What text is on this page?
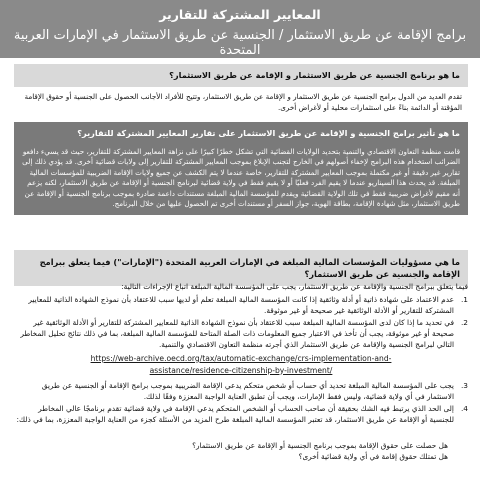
المعايير المشتركة للتقارير
برامج الإقامة عن طريق الاستثمار / الجنسية عن طريق الاستثمار في الإمارات العربية المتحدة
ما هو برنامج الجنسية عن طريق الاستثمار و الإقامة عن طريق الاستثمار؟
تقدم العديد من الدول برامج الجنسية عن طريق الاستثمار و الإقامة عن طريق الاستثمار، وتتيح للأفراد الأجانب الحصول على الجنسية أو حقوق الإقامة المؤقتة أو الدائمة بناءً على استثمارات محلية أو لأغراض أخرى.
ما هو تأثير برامج الجنسية و الإقامة عن طريق الاستثمار على تقارير المعايير المشتركة للتقارير؟
قامت منظمة التعاون الاقتصادي والتنمية بتحديد الولايات القضائية التي تشكل خطرًا كبيرًا على نزاهة المعايير المشتركة للتقارير، حيث قد يسيء دافعو الضرائب استخدام هذه البرامج لإخفاء أصولهم في الخارج لتجنب الإبلاغ بموجب المعايير المشتركة للتقارير إلى ولايات قضائية أخرى. قد يؤدي ذلك إلى تقارير غير دقيقة أو غير مكتملة بموجب المعايير المشتركة للتقارير، خاصة عندما لا يتم الكشف عن جميع ولايات الإقامة الضريبية للمؤسسات المالية المبلغة. قد يحدث هذا السيناريو عندما لا يقيم الفرد فعليًا أو لا يقيم فقط في ولاية قضائية لبرنامج الجنسية أو الإقامة عن طريق الاستثمار، لكنه يزعم أنه مقيم لأغراض ضريبية فقط في تلك الولاية القضائية ويقدم للمؤسسة المالية المبلغة مستندات داعمة صادرة بموجب برنامج الجنسية أو الإقامة عن طريق الاستثمار، مثل شهادة الإقامة، بطاقة الهوية، جواز السفر أو مستندات أخرى تم الحصول عليها من خلال البرنامج.
ما هي مسؤوليات المؤسسات المالية المبلغة في الإمارات العربية المتحدة ("الإمارات") فيما يتعلق ببرامج الإقامة والجنسية عن طريق الاستثمار؟
فيما يتعلق ببرامج الجنسية والإقامة عن طريق الاستثمار، يجب على المؤسسة المالية المبلغة اتباع الإجراءات التالية:
1.
عدم الاعتماد على شهادة ذاتية أو أدلة وثائقية إذا كانت المؤسسة المالية المبلغة تعلم أو لديها سبب للاعتقاد بأن نموذج الشهادة الذاتية للمعايير المشتركة للتقارير أو الأدلة الوثائقية غير صحيحة أو غير موثوقة.
2.
في تحديد ما إذا كان لدى المؤسسة المالية المبلغة سبب للاعتقاد بأن نموذج الشهادة الذاتية للمعايير المشتركة للتقارير أو الأدلة الوثائقية غير صحيحة أو غير موثوقة، يجب أن تأخذ في الاعتبار جميع المعلومات ذات الصلة المتاحة للمؤسسة المالية المبلغة، بما في ذلك نتائج تحليل المخاطر التالي لبرامج الجنسية والإقامة عن طريق الاستثمار الذي أجرته منظمة التعاون الاقتصادي والتنمية.
https://web-archive.oecd.org/tax/automatic-exchange/crs-implementation-and-
assistance/residence-citizenship-by-investment/
3.
يجب على المؤسسة المالية المبلغة تحديد أي حساب أو شخص متحكم يدعي الإقامة الضريبية بموجب برامج الإقامة أو الجنسية عن طريق الاستثمار في أي ولاية قضائية، وليس فقط الإمارات، ويجب أن تطبق العناية الواجبة المعززة وفقًا لذلك.
4.
إلى الحد الذي يرتبط فيه الشك بحقيقة أن صاحب الحساب أو الشخص المتحكم يدعي الإقامة في ولاية قضائية تقدم برنامجًا عالي المخاطر للجنسية أو الإقامة عن طريق الاستثمار، قد تعتبر المؤسسة المالية المبلغة طرح المزيد من الأسئلة كجزء من العناية الواجبة المعززة، بما في ذلك:
هل حصلت على حقوق الإقامة بموجب برنامج الجنسية أو الإقامة عن طريق الاستثمار؟
هل تمتلك حقوق إقامة في أي ولاية قضائية أخرى؟
